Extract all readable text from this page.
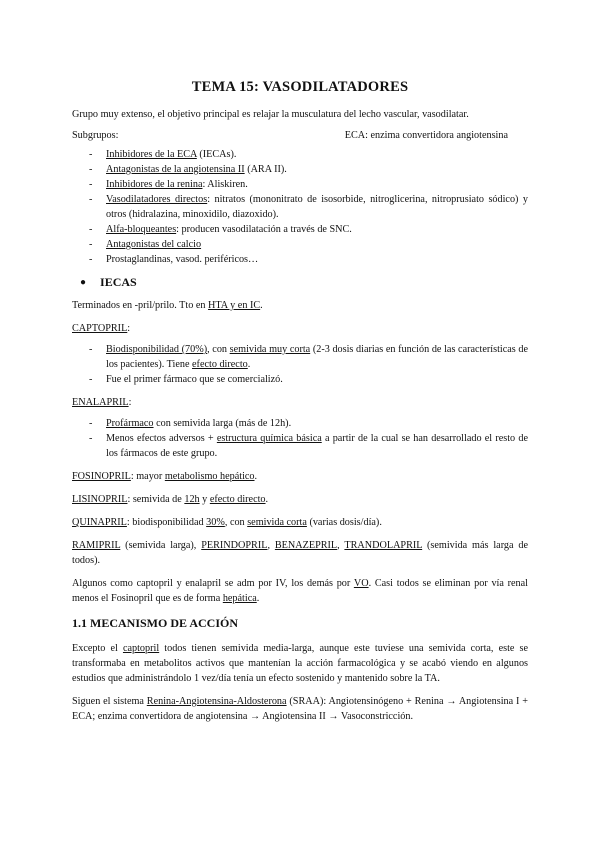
TEMA 15: VASODILATADORES

Grupo muy extenso, el objetivo principal es relajar la musculatura del lecho vascular, vasodilatar.

Subgrupos:	ECA: enzima convertidora angiotensina
- Inhibidores de la ECA (IECAs).
- Antagonistas de la angiotensina II (ARA II).
- Inhibidores de la renina: Aliskiren.
- Vasodilatadores directos: nitratos (mononitrato de isosorbide, nitroglicerina, nitroprusiato sódico) y otros (hidralazina, minoxidilo, diazoxido).
- Alfa-bloqueantes: producen vasodilatación a través de SNC.
- Antagonistas del calcio
- Prostaglandinas, vasod. periféricos…
● IECAS

Terminados en -pril/prilo. Tto en HTA y en IC.

CAPTOPRIL:

- Biodisponibilidad (70%), con semivida muy corta (2-3 dosis diarias en función de las características de los pacientes). Tiene efecto directo.
- Fue el primer fármaco que se comercializó.

ENALAPRIL:

- Profármaco con semivida larga (más de 12h).
- Menos efectos adversos + estructura química básica a partir de la cual se han desarrollado el resto de los fármacos de este grupo.

FOSINOPRIL: mayor metabolismo hepático.

LISINOPRIL: semivida de 12h y efecto directo.

QUINAPRIL: biodisponibilidad 30%, con semivida corta (varias dosis/día).

RAMIPRIL (semivida larga), PERINDOPRIL, BENAZEPRIL, TRANDOLAPRIL (semivida más larga de todos).

Algunos como captopril y enalapril se adm por IV, los demás por VO. Casi todos se eliminan por vía renal menos el Fosinopril que es de forma hepática.

1.1 MECANISMO DE ACCIÓN

Excepto el captopril todos tienen semivida media-larga, aunque este tuviese una semivida corta, este se transformaba en metabolitos activos que mantenían la acción farmacológica y se acabó viendo en algunos estudios que administrándolo 1 vez/día tenía un efecto sostenido y mantenido sobre la TA.

Siguen el sistema Renina-Angiotensina-Aldosterona (SRAA): Angiotensinógeno + Renina → Angiotensina I + ECA; enzima convertidora de angiotensina → Angiotensina II → Vasoconstricción.
